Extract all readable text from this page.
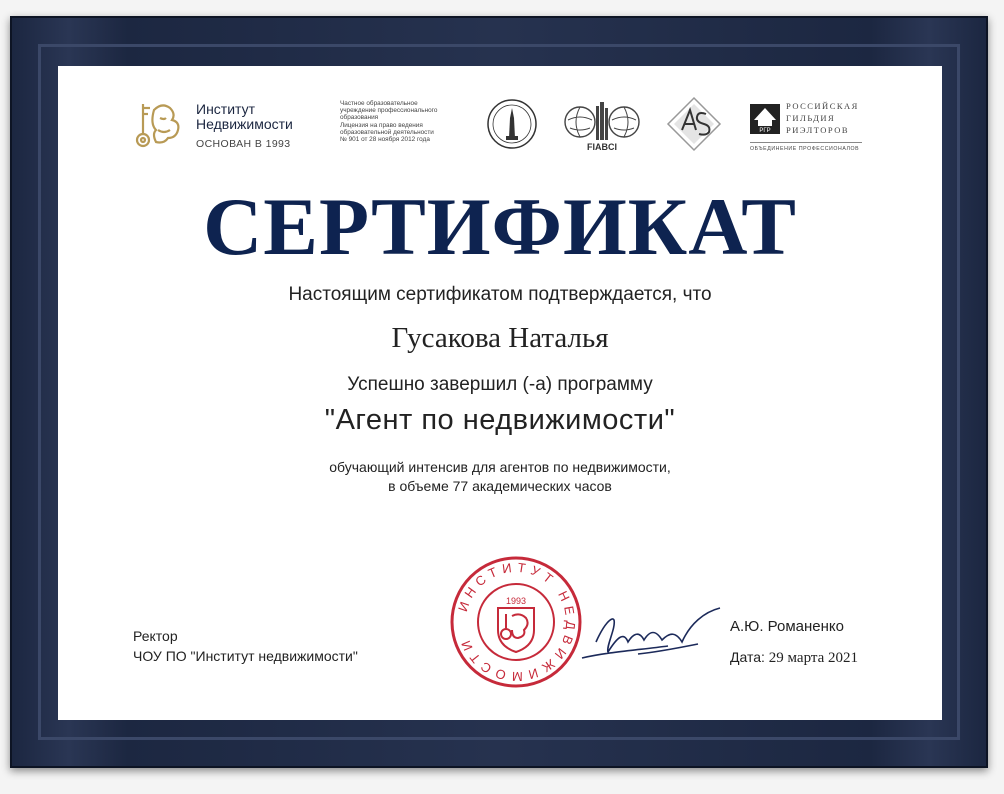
Институт
Недвижимости
ОСНОВАН В 1993
Частное образовательное
учреждение профессионального
образования
Лицензия на право ведения
образовательной деятельности
№ 901 от 28 ноября 2012 года
FIABCI
РГР
РОССИЙСКАЯ
ГИЛЬДИЯ
РИЭЛТОРОВ
ОБЪЕДИНЕНИЕ ПРОФЕССИОНАЛОВ
СЕРТИФИКАТ
Настоящим сертификатом подтверждается, что
Гусакова Наталья
Успешно завершил (-а) программу
"Агент по недвижимости"
обучающий интенсив для агентов по недвижимости,
в объеме 77 академических часов
Ректор
ЧОУ ПО "Институт недвижимости"
ИНСТИТУТ НЕДВИЖИМОСТИ
1993
А.Ю. Романенко
Дата: 29 марта 2021
